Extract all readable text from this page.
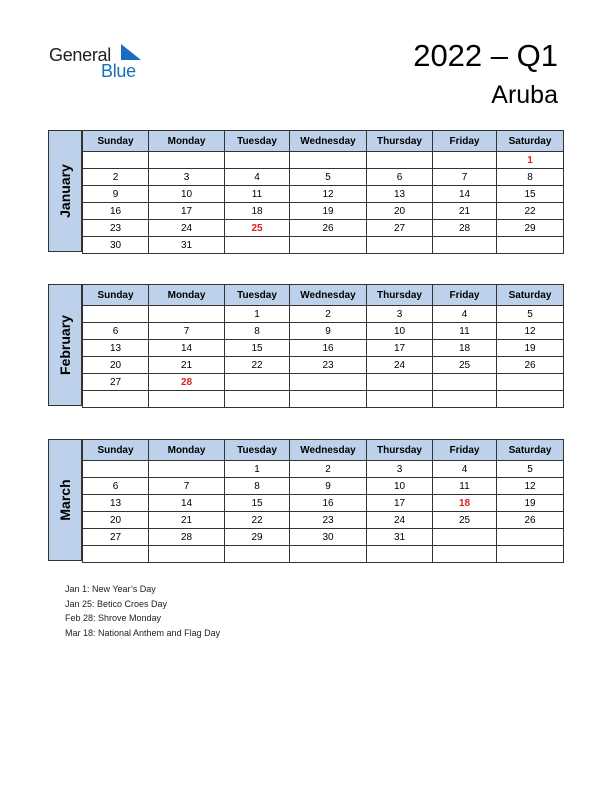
General
Blue	2022 – Q1
Aruba
January
Sunday	Monday	Tuesday	Wednesday	Thursday	Friday	Saturday
						1
2	3	4	5	6	7	8
9	10	11	12	13	14	15
16	17	18	19	20	21	22
23	24	25	26	27	28	29
30	31					
February
Sunday	Monday	Tuesday	Wednesday	Thursday	Friday	Saturday
		1	2	3	4	5
6	7	8	9	10	11	12
13	14	15	16	17	18	19
20	21	22	23	24	25	26
27	28					

March
Sunday	Monday	Tuesday	Wednesday	Thursday	Friday	Saturday
		1	2	3	4	5
6	7	8	9	10	11	12
13	14	15	16	17	18	19
20	21	22	23	24	25	26
27	28	29	30	31		

Jan 1: New Year’s Day
Jan 25: Betico Croes Day
Feb 28: Shrove Monday
Mar 18: National Anthem and Flag Day
